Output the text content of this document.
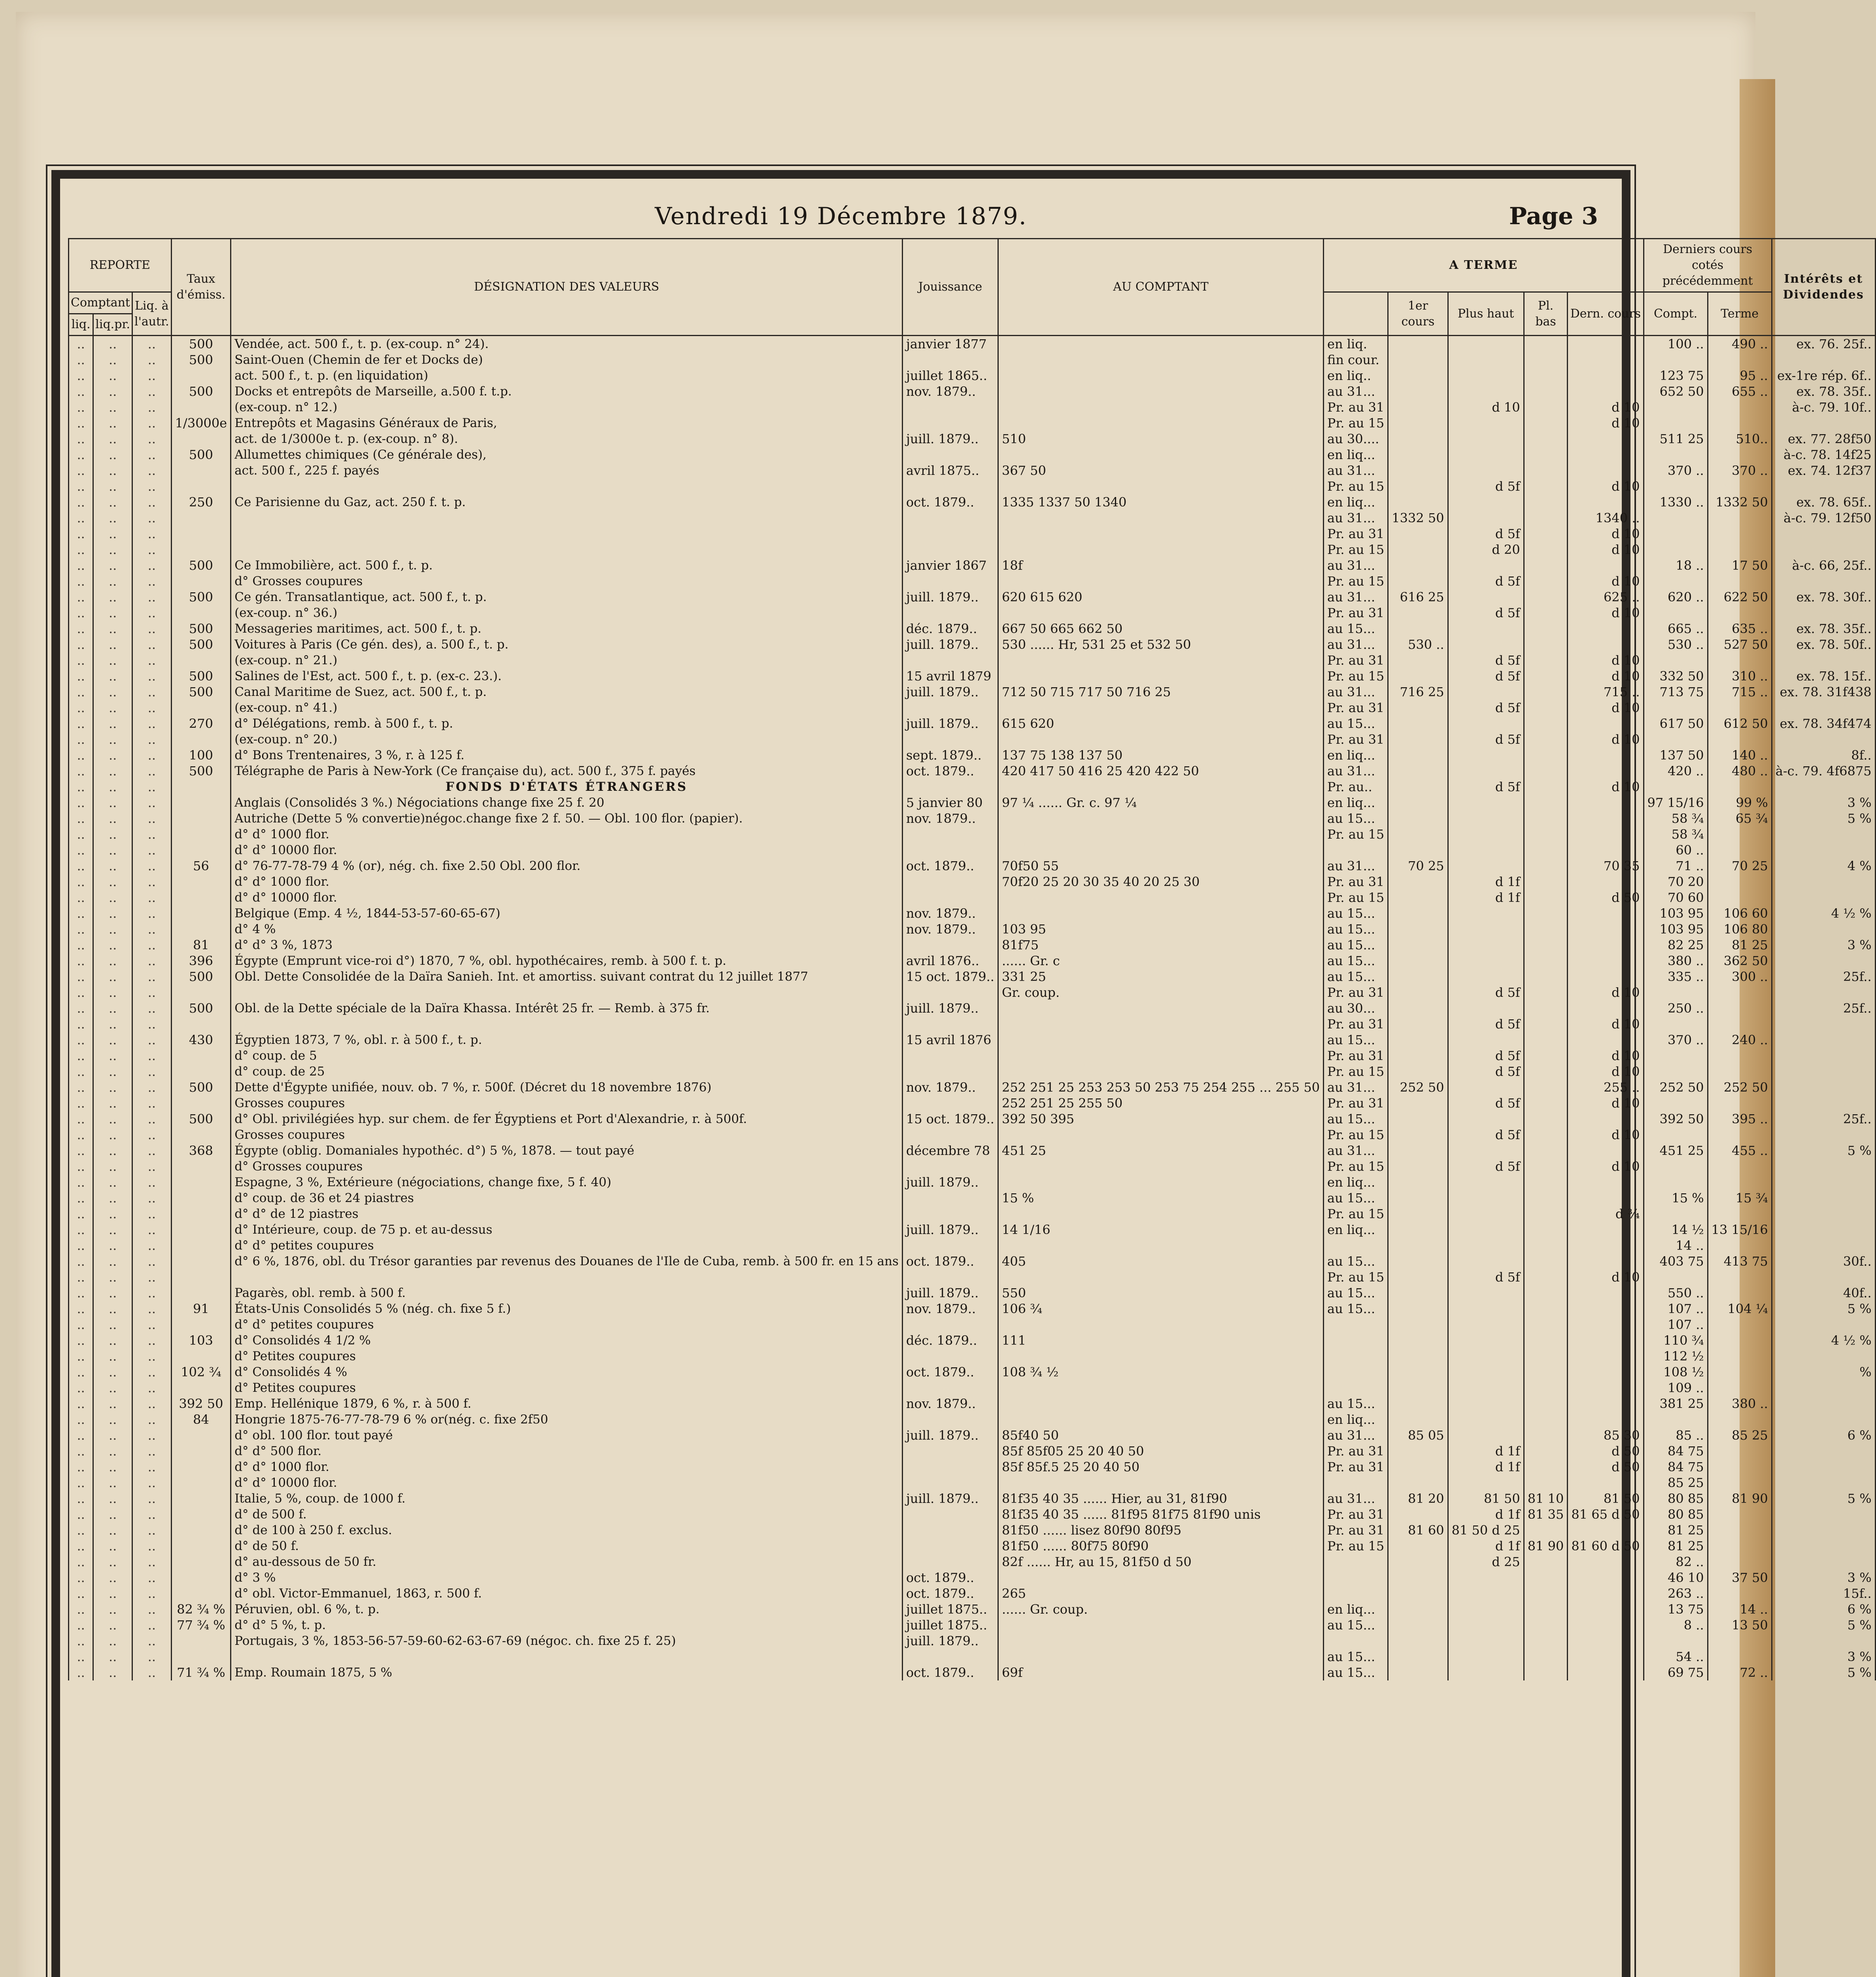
Vendredi 19 Décembre 1879.	Page 3
REPORTE			Taux d'émiss.	DÉSIGNATION DES VALEURS	Jouissance	AU COMPTANT	A TERME					Derniers cours cotés précédemment		Intérêts et Dividendes
Comptant		Liq. à l'autr.						1er cours	Plus haut	Pl. bas	Dern. cours	Compt.	Terme	
liq.	liq.pr.													
..	..	..	500	Vendée, act. 500 f., t. p. (ex-coup. n° 24).	janvier 1877		en liq.					100 ..	490 ..	ex. 76. 25f..
..	..	..	500	Saint-Ouen (Chemin de fer et Docks de)			fin cour.							
..	..	..		act. 500 f., t. p. (en liquidation)	juillet 1865..		en liq..					123 75	95 ..	ex-1re rép. 6f..
..	..	..	500	Docks et entrepôts de Marseille, a.500 f. t.p.	nov. 1879..		au 31...					652 50	655 ..	ex. 78. 35f..
..	..	..		(ex-coup. n° 12.)			Pr. au 31		d 10		d 10			à-c. 79. 10f..
..	..	..	1/3000e	Entrepôts et Magasins Généraux de Paris,			Pr. au 15				d 10			
..	..	..		act. de 1/3000e t. p. (ex-coup. n° 8).	juill. 1879..	510	au 30....					511 25	510..	ex. 77. 28f50
..	..	..	500	Allumettes chimiques (Ce générale des),			en liq...							à-c. 78. 14f25
..	..	..		act. 500 f., 225 f. payés	avril 1875..	367 50	au 31...					370 ..	370 ..	ex. 74. 12f37
..	..	..					Pr. au 15		d 5f		d 10			
..	..	..	250	Ce Parisienne du Gaz, act. 250 f. t. p.	oct. 1879..	1335 1337 50 1340	en liq...					1330 ..	1332 50	ex. 78. 65f..
..	..	..					au 31...	1332 50			1340 ..			à-c. 79. 12f50
..	..	..					Pr. au 31		d 5f		d 10			
..	..	..					Pr. au 15		d 20		d 10			
..	..	..	500	Ce Immobilière, act. 500 f., t. p.	janvier 1867	18f	au 31...					18 ..	17 50	à-c. 66, 25f..
..	..	..		d° Grosses coupures			Pr. au 15		d 5f		d 10			
..	..	..	500	Ce gén. Transatlantique, act. 500 f., t. p.	juill. 1879..	620 615 620	au 31...	616 25			625 ..	620 ..	622 50	ex. 78. 30f..
..	..	..		(ex-coup. n° 36.)			Pr. au 31		d 5f		d 10			
..	..	..	500	Messageries maritimes, act. 500 f., t. p.	déc. 1879..	667 50 665 662 50	au 15...					665 ..	635 ..	ex. 78. 35f..
..	..	..	500	Voitures à Paris (Ce gén. des), a. 500 f., t. p.	juill. 1879..	530 ...... Hr, 531 25 et 532 50	au 31...	530 ..				530 ..	527 50	ex. 78. 50f..
..	..	..		(ex-coup. n° 21.)			Pr. au 31		d 5f		d 10			
..	..	..	500	Salines de l'Est, act. 500 f., t. p. (ex-c. 23.).	15 avril 1879		Pr. au 15		d 5f		d 10	332 50	310 ..	ex. 78. 15f..
..	..	..	500	Canal Maritime de Suez, act. 500 f., t. p.	juill. 1879..	712 50 715 717 50 716 25	au 31...	716 25			715 ..	713 75	715 ..	ex. 78. 31f438
..	..	..		(ex-coup. n° 41.)			Pr. au 31		d 5f		d 10			
..	..	..	270	d° Délégations, remb. à 500 f., t. p.	juill. 1879..	615 620	au 15...					617 50	612 50	ex. 78. 34f474
..	..	..		(ex-coup. n° 20.)			Pr. au 31		d 5f		d 10			
..	..	..	100	d° Bons Trentenaires, 3 %, r. à 125 f.	sept. 1879..	137 75 138 137 50	en liq...					137 50	140 ..	8f..
..	..	..	500	Télégraphe de Paris à New-York (Ce française du), act. 500 f., 375 f. payés	oct. 1879..	420 417 50 416 25 420 422 50	au 31...					420 ..	480 ..	à-c. 79. 4f6875
..	..	..		FONDS D'ÉTATS ÉTRANGERS			Pr. au..		d 5f		d 10			
..	..	..		Anglais (Consolidés 3 %.) Négociations change fixe 25 f. 20	5 janvier 80	97 ¼ ...... Gr. c. 97 ¼	en liq...					97 15/16	99 %	3 %
..	..	..		Autriche (Dette 5 % convertie)négoc.change fixe 2 f. 50. — Obl. 100 flor. (papier).	nov. 1879..		au 15...					58 ¾	65 ¾	5 %
..	..	..		d° d° 1000 flor.			Pr. au 15					58 ¾		
..	..	..		d° d° 10000 flor.								60 ..		
..	..	..	56	d° 76-77-78-79 4 % (or), nég. ch. fixe 2.50 Obl. 200 flor.	oct. 1879..	70f50 55	au 31...	70 25			70 35	71 ..	70 25	4 %
..	..	..		d° d° 1000 flor.		70f20 25 20 30 35 40 20 25 30	Pr. au 31		d 1f			70 20		
..	..	..		d° d° 10000 flor.			Pr. au 15		d 1f		d 50	70 60		
..	..	..		Belgique (Emp. 4 ½, 1844-53-57-60-65-67)	nov. 1879..		au 15...					103 95	106 60	4 ½ %
..	..	..		d° 4 %	nov. 1879..	103 95	au 15...					103 95	106 80	
..	..	..	81	d° d° 3 %, 1873		81f75	au 15...					82 25	81 25	3 %
..	..	..	396	Égypte (Emprunt vice-roi d°) 1870, 7 %, obl. hypothécaires, remb. à 500 f. t. p.	avril 1876..	...... Gr. c	au 15...					380 ..	362 50	
..	..	..	500	Obl. Dette Consolidée de la Daïra Sanieh. Int. et amortiss. suivant contrat du 12 juillet 1877	15 oct. 1879..	331 25	au 15...					335 ..	300 ..	25f..
..	..	..				Gr. coup.	Pr. au 31		d 5f		d 10			
..	..	..	500	Obl. de la Dette spéciale de la Daïra Khassa. Intérêt 25 fr. — Remb. à 375 fr.	juill. 1879..		au 30...					250 ..		25f..
..	..	..					Pr. au 31		d 5f		d 10			
..	..	..	430	Égyptien 1873, 7 %, obl. r. à 500 f., t. p.	15 avril 1876		au 15...					370 ..	240 ..	
..	..	..		d° coup. de 5			Pr. au 31		d 5f		d 10			
..	..	..		d° coup. de 25			Pr. au 15		d 5f		d 10			
..	..	..	500	Dette d'Égypte unifiée, nouv. ob. 7 %, r. 500f. (Décret du 18 novembre 1876)	nov. 1879..	252 251 25 253 253 50 253 75 254 255 ... 255 50	au 31...	252 50			255 ..	252 50	252 50	
..	..	..		Grosses coupures		252 251 25 255 50	Pr. au 31		d 5f		d 10			
..	..	..	500	d° Obl. privilégiées hyp. sur chem. de fer Égyptiens et Port d'Alexandrie, r. à 500f.	15 oct. 1879..	392 50 395	au 15...					392 50	395 ..	25f..
..	..	..		Grosses coupures			Pr. au 15		d 5f		d 10			
..	..	..	368	Égypte (oblig. Domaniales hypothéc. d°) 5 %, 1878. — tout payé	décembre 78	451 25	au 31...					451 25	455 ..	5 %
..	..	..		d° Grosses coupures			Pr. au 15		d 5f		d 10			
..	..	..		Espagne, 3 %, Extérieure (négociations, change fixe, 5 f. 40)	juill. 1879..		en liq...							
..	..	..		d° coup. de 36 et 24 piastres		15 %	au 15...					15 %	15 ¾	
..	..	..		d° d° de 12 piastres			Pr. au 15				d ¾			
..	..	..		d° Intérieure, coup. de 75 p. et au-dessus	juill. 1879..	14 1/16	en liq...					14 ½	13 15/16	
..	..	..		d° d° petites coupures								14 ..		
..	..	..		d° 6 %, 1876, obl. du Trésor garanties par revenus des Douanes de l'Ile de Cuba, remb. à 500 fr. en 15 ans	oct. 1879..	405	au 15...					403 75	413 75	30f..
..	..	..					Pr. au 15		d 5f		d 10			
..	..	..		Pagarès, obl. remb. à 500 f.	juill. 1879..	550	au 15...					550 ..		40f..
..	..	..	91	États-Unis Consolidés 5 % (nég. ch. fixe 5 f.)	nov. 1879..	106 ¾	au 15...					107 ..	104 ¼	5 %
..	..	..		d° d° petites coupures								107 ..		
..	..	..	103	d° Consolidés 4 1/2 %	déc. 1879..	111						110 ¾		4 ½ %
..	..	..		d° Petites coupures								112 ½		
..	..	..	102 ¾	d° Consolidés 4 %	oct. 1879..	108 ¾ ½						108 ½		%
..	..	..		d° Petites coupures								109 ..		
..	..	..	392 50	Emp. Hellénique 1879, 6 %, r. à 500 f.	nov. 1879..		au 15...					381 25	380 ..	
..	..	..	84	Hongrie 1875-76-77-78-79 6 % or(nég. c. fixe 2f50			en liq...							
..	..	..		d° obl. 100 flor. tout payé	juill. 1879..	85f40 50	au 31...	85 05			85 30	85 ..	85 25	6 %
..	..	..		d° d° 500 flor.		85f 85f05 25 20 40 50	Pr. au 31		d 1f		d 50	84 75		
..	..	..		d° d° 1000 flor.		85f 85f.5 25 20 40 50	Pr. au 31		d 1f		d 50	84 75		
..	..	..		d° d° 10000 flor.								85 25		
..	..	..		Italie, 5 %, coup. de 1000 f.	juill. 1879..	81f35 40 35 ...... Hier, au 31, 81f90	au 31...	81 20	81 50	81 10	81 50	80 85	81 90	5 %
..	..	..		d° de 500 f.		81f35 40 35 ...... 81f95 81f75 81f90 unis	Pr. au 31		d 1f	81 35	81 65 d 50	80 85		
..	..	..		d° de 100 à 250 f. exclus.		81f50 ...... lisez 80f90 80f95	Pr. au 31	81 60	81 50 d 25			81 25		
..	..	..		d° de 50 f.		81f50 ...... 80f75 80f90	Pr. au 15		d 1f	81 90	81 60 d 50	81 25		
..	..	..		d° au-dessous de 50 fr.		82f ...... Hr, au 15, 81f50 d 50			d 25			82 ..		
..	..	..		d° 3 %	oct. 1879..							46 10	37 50	3 %
..	..	..		d° obl. Victor-Emmanuel, 1863, r. 500 f.	oct. 1879..	265						263 ..		15f..
..	..	..	82 ¾ %	Péruvien, obl. 6 %, t. p.	juillet 1875..	...... Gr. coup.	en liq...					13 75	14 ..	6 %
..	..	..	77 ¾ %	d° d° 5 %, t. p.	juillet 1875..		au 15...					8 ..	13 50	5 %
..	..	..		Portugais, 3 %, 1853-56-57-59-60-62-63-67-69 (négoc. ch. fixe 25 f. 25)	juill. 1879..									
..	..	..					au 15...					54 ..		3 %
..	..	..	71 ¾ %	Emp. Roumain 1875, 5 %	oct. 1879..	69f	au 15...					69 75	72 ..	5 %
